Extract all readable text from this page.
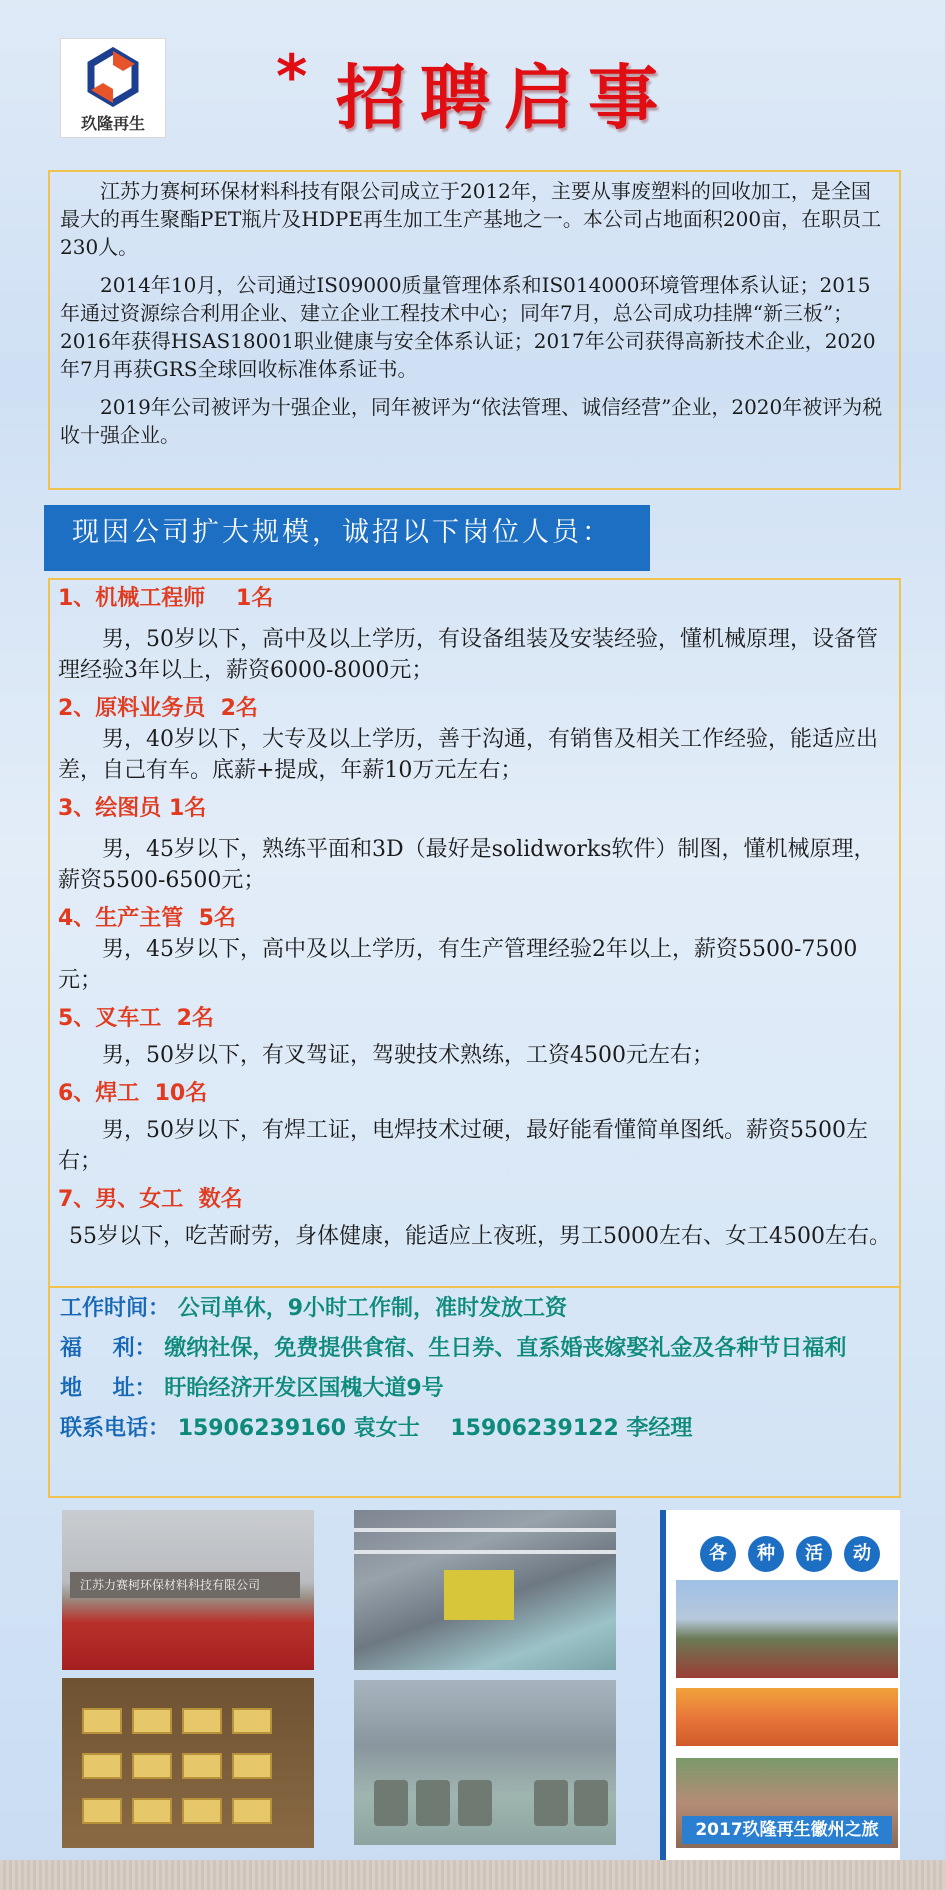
玖隆再生
* 招聘启事

江苏力赛柯环保材料科技有限公司成立于2012年，主要从事废塑料的回收加工，是全国最大的再生聚酯PET瓶片及HDPE再生加工生产基地之一。本公司占地面积200亩，在职员工230人。

2014年10月，公司通过IS09000质量管理体系和IS014000环境管理体系认证；2015年通过资源综合利用企业、建立企业工程技术中心；同年7月，总公司成功挂牌“新三板”；2016年获得HSAS18001职业健康与安全体系认证；2017年公司获得高新技术企业，2020年7月再获GRS全球回收标准体系证书。

2019年公司被评为十强企业，同年被评为“依法管理、诚信经营”企业，2020年被评为税收十强企业。

现因公司扩大规模，诚招以下岗位人员：
1、机械工程师    1名
男，50岁以下，高中及以上学历，有设备组装及安装经验，懂机械原理，设备管理经验3年以上，薪资6000-8000元；
2、原料业务员  2名
男，40岁以下，大专及以上学历，善于沟通，有销售及相关工作经验，能适应出差，自己有车。底薪+提成，年薪10万元左右；
3、绘图员 1名
男，45岁以下，熟练平面和3D（最好是solidworks软件）制图，懂机械原理，薪资5500-6500元；
4、生产主管  5名
男，45岁以下，高中及以上学历，有生产管理经验2年以上，薪资5500-7500元；
5、叉车工  2名
男，50岁以下，有叉驾证，驾驶技术熟练，工资4500元左右；
6、焊工  10名
男，50岁以下，有焊工证，电焊技术过硬，最好能看懂简单图纸。薪资5500左右；
7、男、女工  数名
55岁以下，吃苦耐劳，身体健康，能适应上夜班，男工5000左右、女工4500左右。
工作时间： 公司单休，9小时工作制，准时发放工资
福    利： 缴纳社保，免费提供食宿、生日券、直系婚丧嫁娶礼金及各种节日福利
地    址： 盱眙经济开发区国槐大道9号
联系电话： 15906239160 袁女士    15906239122 李经理
江苏力赛柯环保材料科技有限公司
各	种	活	动
2017玖隆再生徽州之旅
